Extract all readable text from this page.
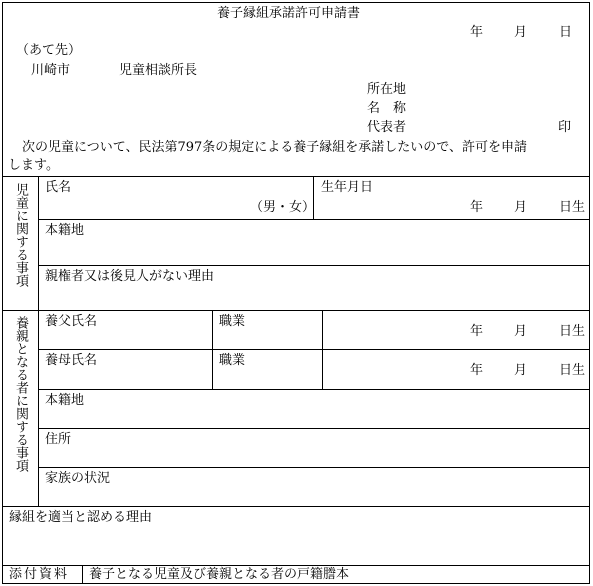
養子縁組承諾許可申請書
年 月 日
（あて先）
川崎市	児童相談所長
所在地
名　称
代表者	印
次の児童について、民法第797条の規定による養子縁組を承諾したいので、許可を申請
します。
児童に関する事項 氏名
（男・女）
生年月日
年 月 日生
本籍地
親権者又は後見人がない理由
養親となる者に関する事項 養父氏名	職業
年 月 日生
養母氏名	職業
年 月 日生
本籍地
住所
家族の状況
縁組を適当と認める理由
添付資料 養子となる児童及び養親となる者の戸籍謄本
